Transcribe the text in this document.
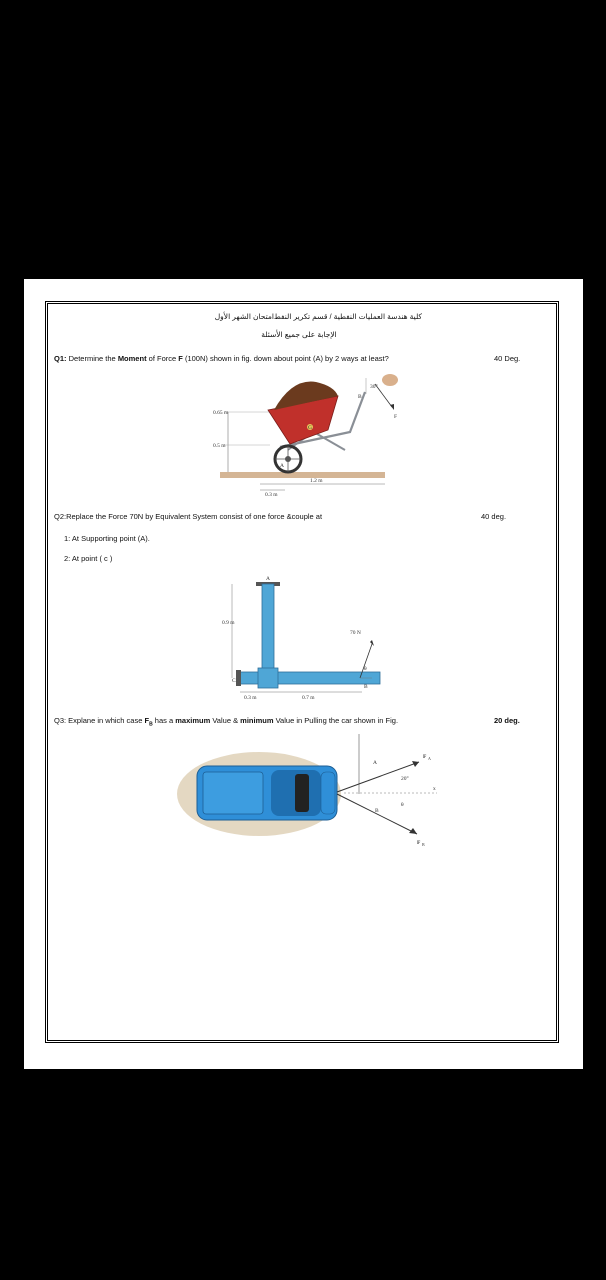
كلية هندسة العمليات النفطية / قسم تكرير النفط
امتحان الشهر الأول
الإجابة على جميع الأسئلة
Q1: Determine the Moment of Force F (100N) shown in fig. down about point (A) by 2 ways at least?	40 Deg.
0.65 m
0.5 m
0.3 m
1.2 m
30°
B
F
A
G
Q2:Replace the Force 70N by Equivalent System consist of one force &couple at	40 deg.
1: At Supporting point (A).
2: At point ( c )
A
0.9 m
70 N
θ
B
C
0.3 m	0.7 m
Q3: Explane in which case $F_B$ has a maximum Value & minimum Value in Pulling the car shown in Fig.	20 deg.
A
F A
20°
x
B
θ
F B
